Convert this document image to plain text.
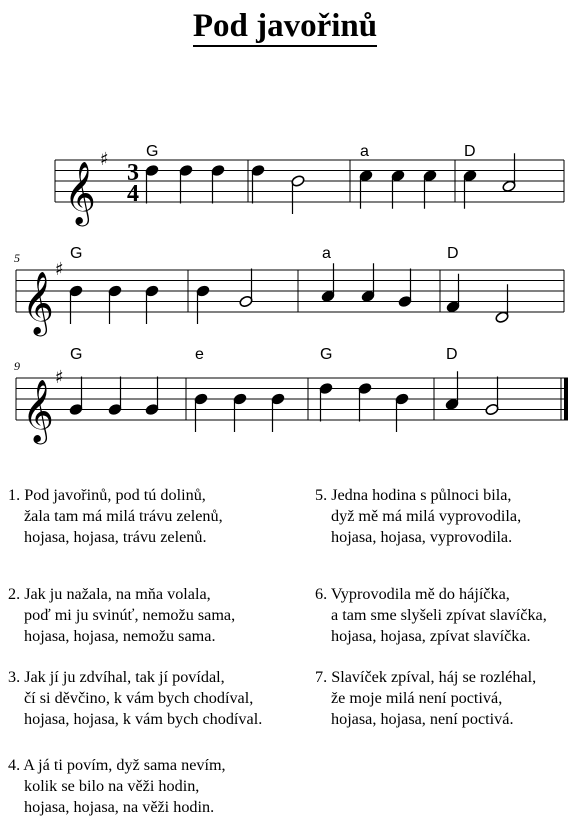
Pod javořinů
𝄞
♯
3
4
G	a	D
𝄞
♯
5	G	a	D
𝄞
♯
9
G	e	G	D
1. Pod javořinů, pod tú dolinů,
žala tam má milá trávu zelenů,
hojasa, hojasa, trávu zelenů.
2. Jak ju nažala, na mňa volala,
poď mi ju svinúť, nemožu sama,
hojasa, hojasa, nemožu sama.
3. Jak jí ju zdvíhal, tak jí povídal,
čí si děvčino, k vám bych chodíval,
hojasa, hojasa, k vám bych chodíval.
4. A já ti povím, dyž sama nevím,
kolik se bilo na věži hodin,
hojasa, hojasa, na věži hodin.
5. Jedna hodina s půlnoci bila,
dyž mě má milá vyprovodila,
hojasa, hojasa, vyprovodila.
6. Vyprovodila mě do hájíčka,
a tam sme slyšeli zpívat slavíčka,
hojasa, hojasa, zpívat slavíčka.
7. Slavíček zpíval, háj se rozléhal,
že moje milá není poctivá,
hojasa, hojasa, není poctivá.
